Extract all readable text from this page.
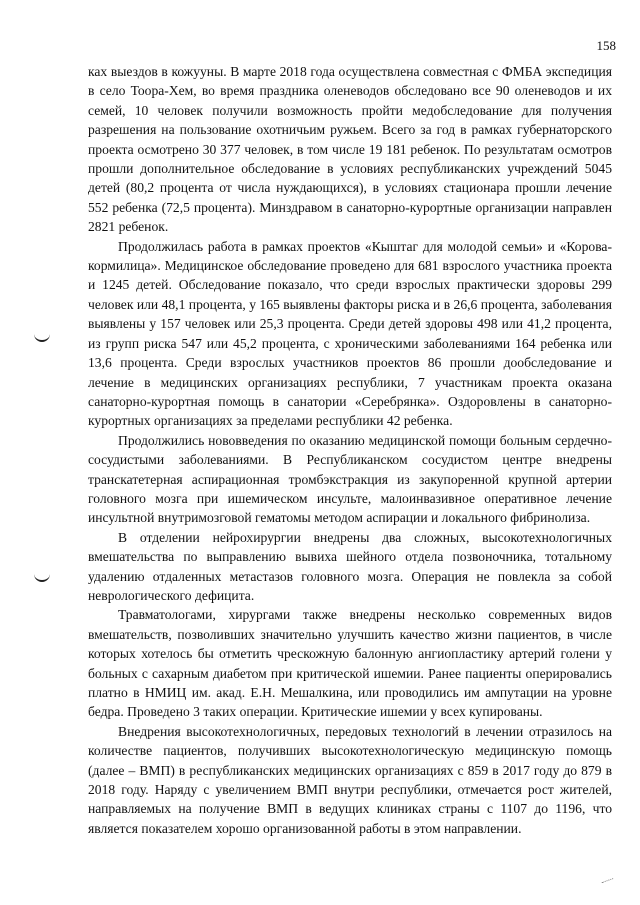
158

ках выездов в кожууны. В марте 2018 года осуществлена совместная с ФМБА экспедиция в село Тоора-Хем, во время праздника оленеводов обследовано все 90 оленеводов и их семей, 10 человек получили возможность пройти медобследование для получения разрешения на пользование охотничьим ружьем. Всего за год в рамках губернаторского проекта осмотрено 30 377 человек, в том числе 19 181 ребенок. По результатам осмотров прошли дополнительное обследование в условиях республиканских учреждений 5045 детей (80,2 процента от числа нуждающихся), в условиях стационара прошли лечение 552 ребенка (72,5 процента). Минздравом в санаторно-курортные организации направлен 2821 ребенок.

Продолжилась работа в рамках проектов «Кыштаг для молодой семьи» и «Корова-кормилица». Медицинское обследование проведено для 681 взрослого участника проекта и 1245 детей. Обследование показало, что среди взрослых практически здоровы 299 человек или 48,1 процента, у 165 выявлены факторы риска и в 26,6 процента, заболевания выявлены у 157 человек или 25,3 процента. Среди детей здоровы 498 или 41,2 процента, из групп риска 547 или 45,2 процента, с хроническими заболеваниями 164 ребенка или 13,6 процента. Среди взрослых участников проектов 86 прошли дообследование и лечение в медицинских организациях республики, 7 участникам проекта оказана санаторно-курортная помощь в санатории «Серебрянка». Оздоровлены в санаторно-курортных организациях за пределами республики 42 ребенка.

Продолжились нововведения по оказанию медицинской помощи больным сердечно-сосудистыми заболеваниями. В Республиканском сосудистом центре внедрены транскатетерная аспирационная тромбэкстракция из закупоренной крупной артерии головного мозга при ишемическом инсульте, малоинвазивное оперативное лечение инсультной внутримозговой гематомы методом аспирации и локального фибринолиза.

В отделении нейрохирургии внедрены два сложных, высокотехнологичных вмешательства по выправлению вывиха шейного отдела позвоночника, тотальному удалению отдаленных метастазов головного мозга. Операция не повлекла за собой неврологического дефицита.

Травматологами, хирургами также внедрены несколько современных видов вмешательств, позволивших значительно улучшить качество жизни пациентов, в числе которых хотелось бы отметить чрескожную балонную ангиопластику артерий голени у больных с сахарным диабетом при критической ишемии. Ранее пациенты оперировались платно в НМИЦ им. акад. Е.Н. Мешалкина, или проводились им ампутации на уровне бедра. Проведено 3 таких операции. Критические ишемии у всех купированы.

Внедрения высокотехнологичных, передовых технологий в лечении отразилось на количестве пациентов, получивших высокотехнологическую медицинскую помощь (далее – ВМП) в республиканских медицинских организациях с 859 в 2017 году до 879 в 2018 году. Наряду с увеличением ВМП внутри республики, отмечается рост жителей, направляемых на получение ВМП в ведущих клиниках страны с 1107 до 1196, что является показателем хорошо организованной работы в этом направлении.
